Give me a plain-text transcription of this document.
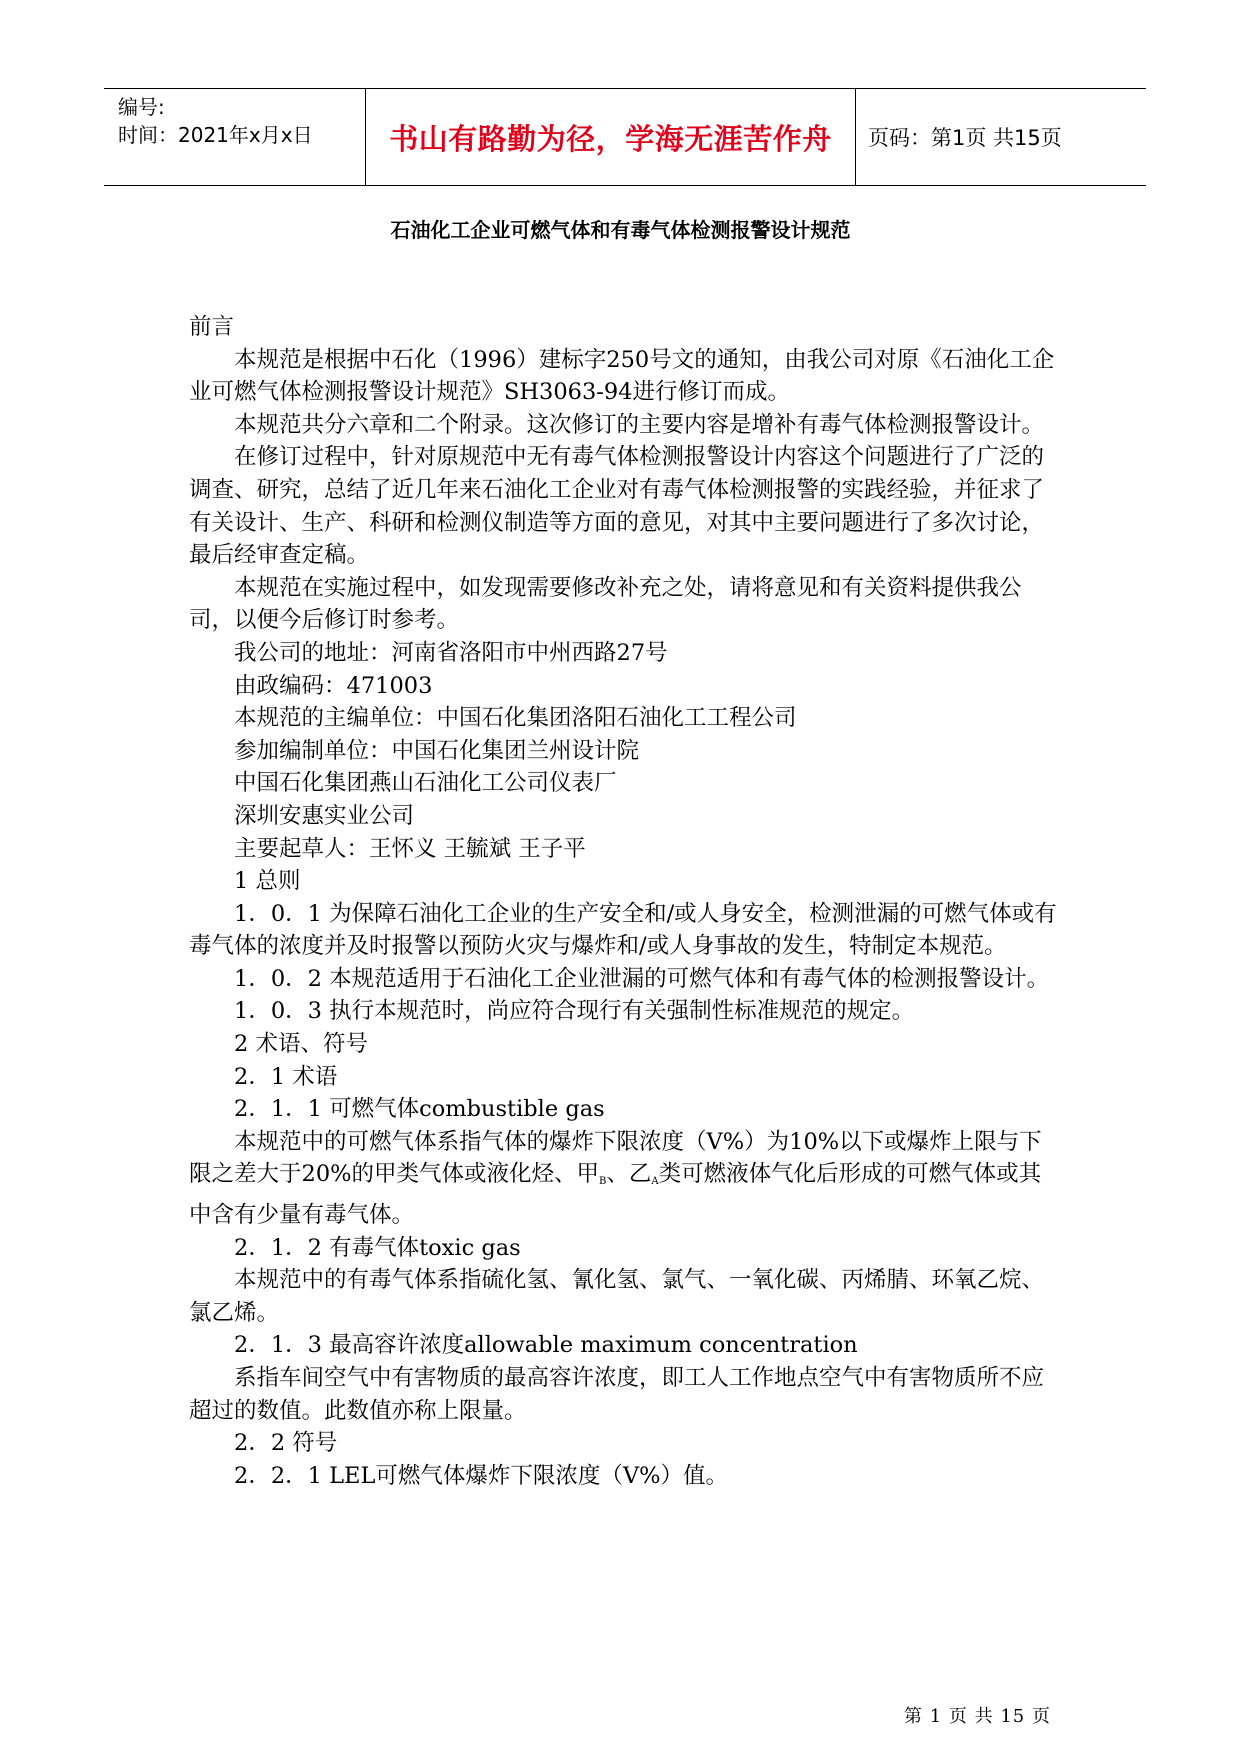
编号:
时间：2021年x月x日	书山有路勤为径，学海无涯苦作舟	页码：第1页 共15页
石油化工企业可燃气体和有毒气体检测报警设计规范

前言

本规范是根据中石化（1996）建标字250号文的通知，由我公司对原《石油化工企业可燃气体检测报警设计规范》SH3063-94进行修订而成。

本规范共分六章和二个附录。这次修订的主要内容是增补有毒气体检测报警设计。

在修订过程中，针对原规范中无有毒气体检测报警设计内容这个问题进行了广泛的调查、研究，总结了近几年来石油化工企业对有毒气体检测报警的实践经验，并征求了有关设计、生产、科研和检测仪制造等方面的意见，对其中主要问题进行了多次讨论，最后经审查定稿。

本规范在实施过程中，如发现需要修改补充之处，请将意见和有关资料提供我公司，以便今后修订时参考。

我公司的地址：河南省洛阳市中州西路27号

由政编码：471003

本规范的主编单位：中国石化集团洛阳石油化工工程公司

参加编制单位：中国石化集团兰州设计院

中国石化集团燕山石油化工公司仪表厂

深圳安惠实业公司

主要起草人：王怀义 王毓斌 王子平

1 总则

1．0．1 为保障石油化工企业的生产安全和/或人身安全，检测泄漏的可燃气体或有毒气体的浓度并及时报警以预防火灾与爆炸和/或人身事故的发生，特制定本规范。

1．0．2 本规范适用于石油化工企业泄漏的可燃气体和有毒气体的检测报警设计。

1．0．3 执行本规范时，尚应符合现行有关强制性标准规范的规定。

2 术语、符号

2．1 术语

2．1．1 可燃气体combustible gas

本规范中的可燃气体系指气体的爆炸下限浓度（V%）为10%以下或爆炸上限与下限之差大于20%的甲类气体或液化烃、甲$_B$、乙$_A$类可燃液体气化后形成的可燃气体或其中含有少量有毒气体。

2．1．2 有毒气体toxic gas

本规范中的有毒气体系指硫化氢、氰化氢、氯气、一氧化碳、丙烯腈、环氧乙烷、氯乙烯。

2．1．3 最高容许浓度allowable maximum concentration

系指车间空气中有害物质的最高容许浓度，即工人工作地点空气中有害物质所不应超过的数值。此数值亦称上限量。

2．2 符号

2．2．1 LEL可燃气体爆炸下限浓度（V%）值。

第 1 页 共 15 页
